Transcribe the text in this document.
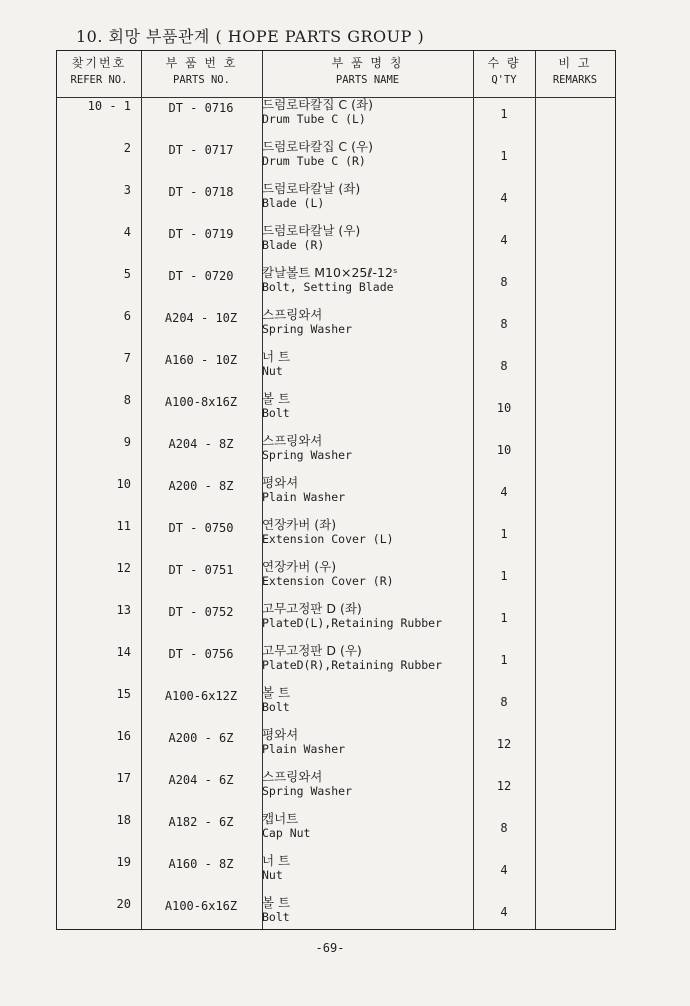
10. 회망 부품관계 ( HOPE PARTS GROUP )
찾기번호
REFER NO.
부 품 번 호
PARTS NO.
부 품 명 칭
PARTS NAME
수 량
Q'TY
비 고
REMARKS
10 - 1	DT - 0716	드럼로타칼집 C (좌)
Drum Tube C (L)	1
2	DT - 0717	드럼로타칼집 C (우)
Drum Tube C (R)	1
3	DT - 0718	드럼로타칼날 (좌)
Blade (L)	4
4	DT - 0719	드럼로타칼날 (우)
Blade (R)	4
5	DT - 0720	칼날볼트 M10×25ℓ-12ˢ
Bolt, Setting Blade	8
6	A204 - 10Z	스프링와셔
Spring Washer	8
7	A160 - 10Z	너 트
Nut	8
8	A100-8x16Z	볼 트
Bolt	10
9	A204 - 8Z	스프링와셔
Spring Washer	10
10	A200 - 8Z	평와셔
Plain Washer	4
11	DT - 0750	연장카버 (좌)
Extension Cover (L)	1
12	DT - 0751	연장카버 (우)
Extension Cover (R)	1
13	DT - 0752	고무고정판 D (좌)
PlateD(L),Retaining Rubber	1
14	DT - 0756	고무고정판 D (우)
PlateD(R),Retaining Rubber	1
15	A100-6x12Z	볼 트
Bolt	8
16	A200 - 6Z	평와셔
Plain Washer	12
17	A204 - 6Z	스프링와셔
Spring Washer	12
18	A182 - 6Z	캡너트
Cap Nut	8
19	A160 - 8Z	너 트
Nut	4
20	A100-6x16Z	볼 트
Bolt	4
-69-
